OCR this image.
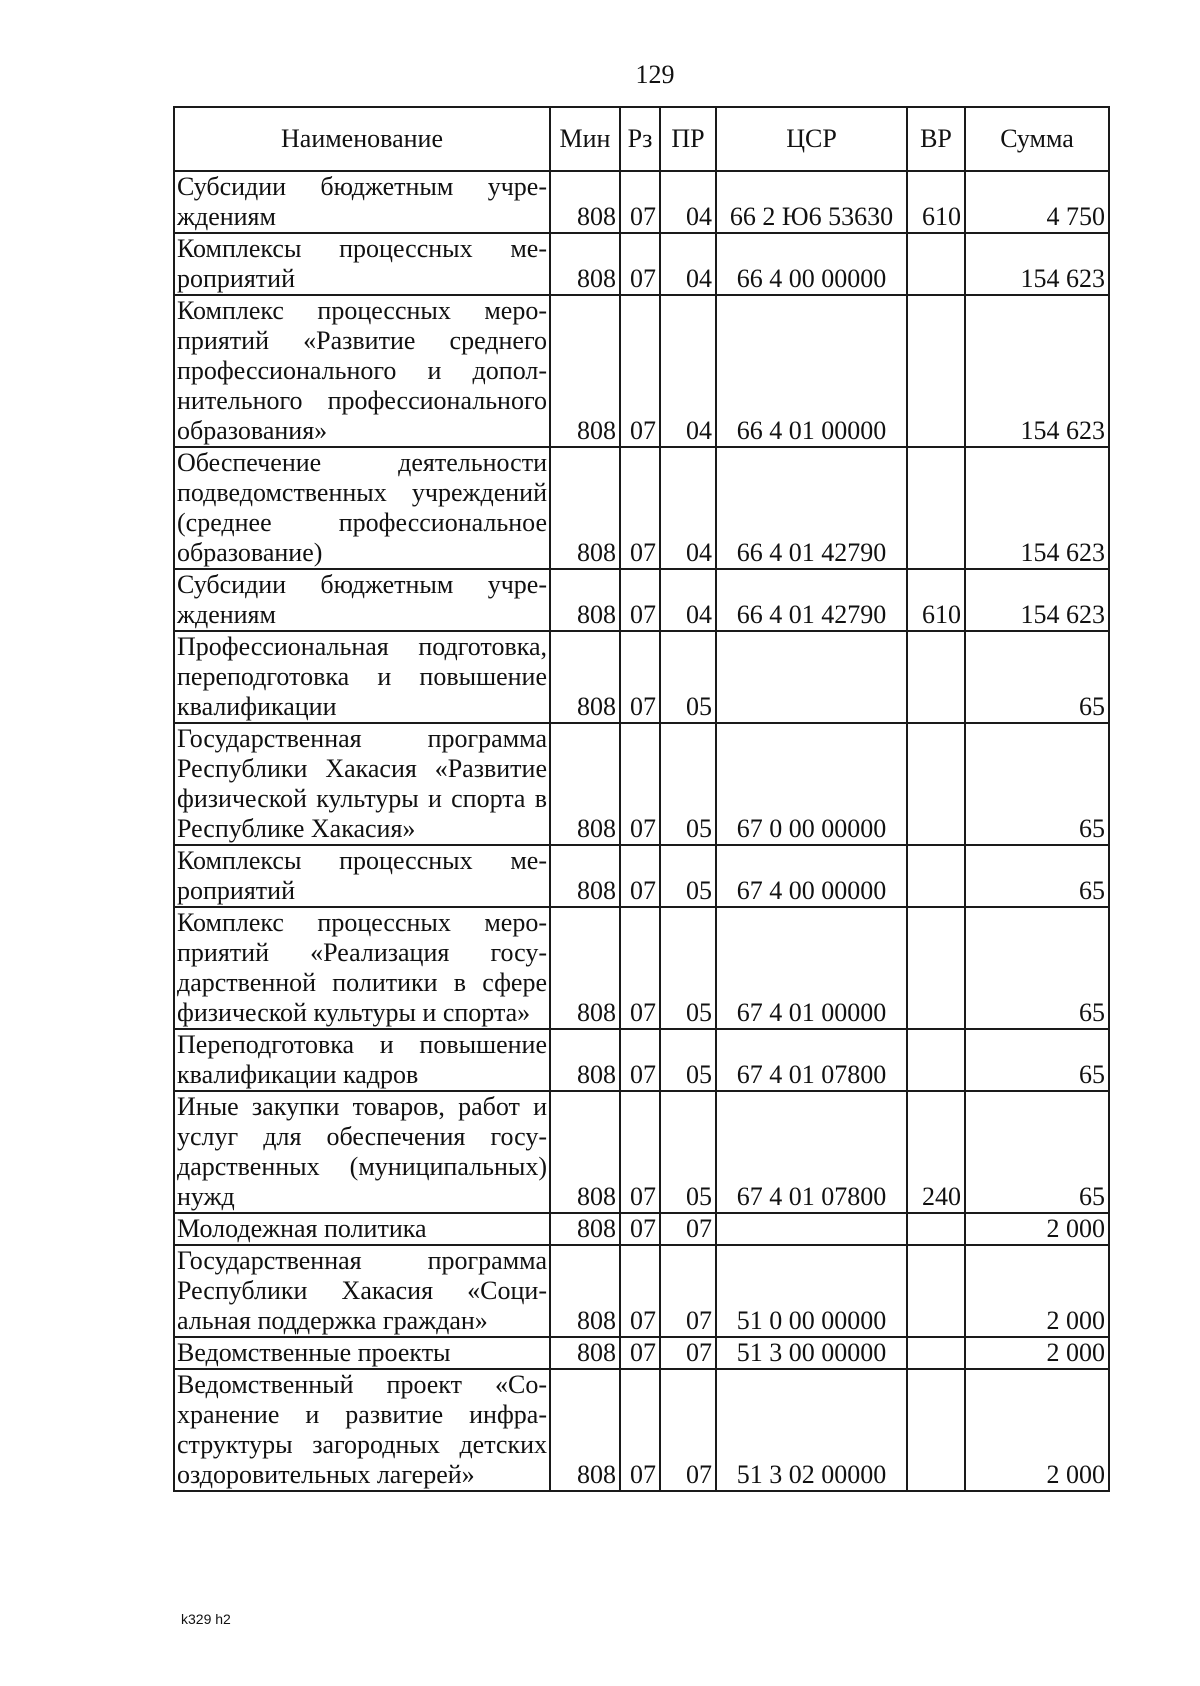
129
Наименование	Мин	Рз	ПР	ЦСР	ВР	Сумма
Субсидии бюджетным учреждениям	808	07	04	66 2 Ю6 53630	610	4 750
Комплексы процессных мероприятий	808	07	04	66 4 00 00000		154 623
Комплекс процессных мероприятий «Развитие среднего профессионального и дополнительного профессионального образования»	808	07	04	66 4 01 00000		154 623
Обеспечение деятельности подведомственных учреждений (среднее профессиональное образование)	808	07	04	66 4 01 42790		154 623
Субсидии бюджетным учреждениям	808	07	04	66 4 01 42790	610	154 623
Профессиональная подготовка, переподготовка и повышение квалификации	808	07	05			65
Государственная программа Республики Хакасия «Развитие физической культуры и спорта в Республике Хакасия»	808	07	05	67 0 00 00000		65
Комплексы процессных мероприятий	808	07	05	67 4 00 00000		65
Комплекс процессных мероприятий «Реализация государственной политики в сфере физической культуры и спорта»	808	07	05	67 4 01 00000		65
Переподготовка и повышение квалификации кадров	808	07	05	67 4 01 07800		65
Иные закупки товаров, работ и услуг для обеспечения государственных (муниципальных) нужд	808	07	05	67 4 01 07800	240	65
Молодежная политика	808	07	07			2 000
Государственная программа Республики Хакасия «Социальная поддержка граждан»	808	07	07	51 0 00 00000		2 000
Ведомственные проекты	808	07	07	51 3 00 00000		2 000
Ведомственный проект «Сохранение и развитие инфраструктуры загородных детских оздоровительных лагерей»	808	07	07	51 3 02 00000		2 000
k329 h2
